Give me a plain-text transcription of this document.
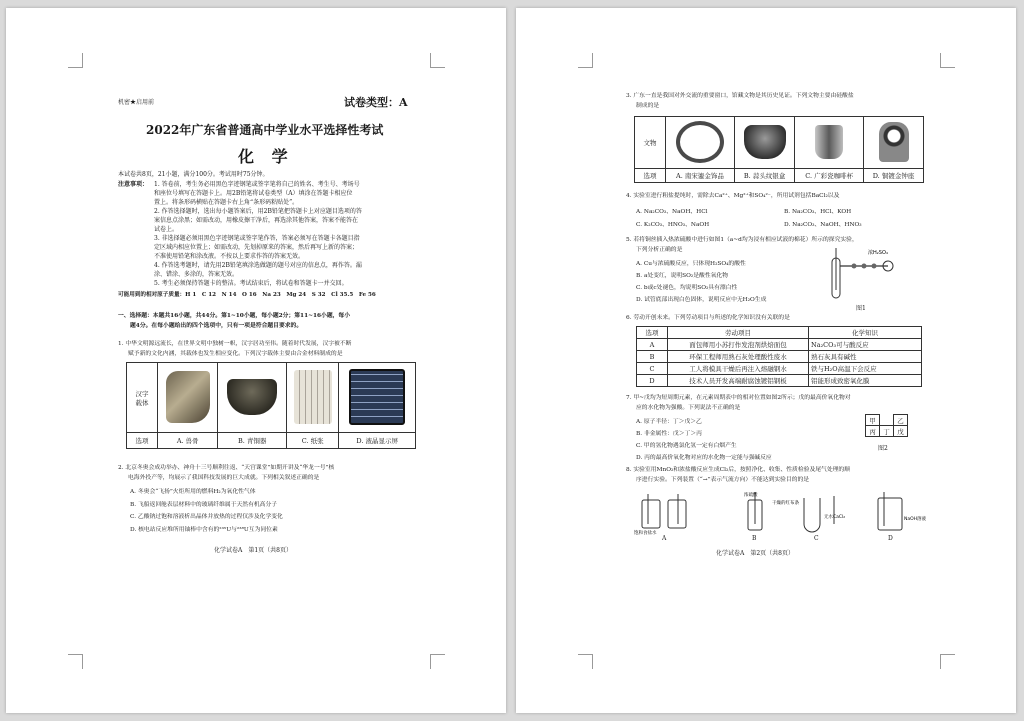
机密★启用前	试卷类型：A
2022年广东省普通高中学业水平选择性考试
化 学
本试卷共8页，21小题，满分100分。考试用时75分钟。
注意事项： 1. 答卷前，考生务必用黑色字迹钢笔或签字笔将自己的姓名、考生号、考场号
和座位号填写在答题卡上。用2B铅笔将试卷类型（A）填涂在答题卡相应位
置上。将条形码横贴在答题卡右上角“条形码粘贴处”。
2. 作答选择题时，选出每小题答案后，用2B铅笔把答题卡上对应题目选项的答
案信息点涂黑；如需改动，用橡皮擦干净后，再选涂其他答案，答案不能答在
试卷上。
3. 非选择题必须用黑色字迹钢笔或签字笔作答，答案必须写在答题卡各题目指
定区域内相应位置上；如需改动，先划掉原来的答案，然后再写上新的答案；
不准使用铅笔和涂改液。不按以上要求作答的答案无效。
4. 作答选考题时，请先用2B铅笔填涂选做题的题号对应的信息点，再作答。漏
涂、错涂、多涂的，答案无效。
5. 考生必须保持答题卡的整洁。考试结束后，将试卷和答题卡一并交回。
可能用到的相对原子质量：H 1　C 12　N 14　O 16　Na 23　Mg 24　S 32　Cl 35.5　Fe 56
一、选择题：本题共16小题，共44分。第1~10小题，每小题2分；第11~16小题，每小
题4分。在每小题给出的四个选项中，只有一项是符合题目要求的。
1. 中华文明源远流长，在世界文明中独树一帜，汉字居功至伟。随着时代发展，汉字被不断
赋予新的文化内涵，其载体也发生相应变化。下列汉字载体主要由合金材料制成的是
汉字
载体				

选项	A. 兽骨	B. 青铜器	C. 纸张	D. 液晶显示屏
2. 北京冬奥会成功举办、神舟十三号顺利往返、“天宫课堂”如期开讲及“华龙一号”核
电海外投产等，均展示了我国科技发展的巨大成就。下列相关叙述正确的是
A. 冬奥会“飞扬”火炬所用的燃料H₂为氧化性气体
B. 飞船返回舱表层材料中的玻璃纤维属于天然有机高分子
C. 乙酸钠过饱和溶液析出晶体并放热的过程仅涉及化学变化
D. 核电站反应堆所用铀棒中含有的²³⁵U与²³⁸U互为同位素
化学试卷A　第1页（共8页）
3. 广东一直是我国对外交流的重要窗口，馆藏文物是其历史见证。下列文物主要由硅酸盐
制成的是
文物				
选项	A. 南宋鎏金饰品	B. 蒜头纹银盒	C. 广彩瓷咖啡杯	D. 铜镀金钟座
4. 实验室进行粗盐提纯时，需除去Ca²⁺、Mg²⁺和SO₄²⁻，所用试剂包括BaCl₂以及
A. Na₂CO₃、NaOH、HCl	B. Na₂CO₃、HCl、KOH
C. K₂CO₃、HNO₃、NaOH	D. Na₂CO₃、NaOH、HNO₃
5. 若将铜丝插入热浓硫酸中进行如图1（a~d均为浸有相应试液的棉花）所示的探究实验，
下列分析正确的是
A. Cu与浓硫酸反应，只体现H₂SO₄的酸性
B. a处变红，说明SO₂是酸性氧化物
C. b或c处褪色，均说明SO₂具有漂白性
D. 试管底部出现白色固体，说明反应中无H₂O生成
浓H₂SO₄
图1
6. 劳动开创未来。下列劳动项目与所述的化学知识没有关联的是
选项	劳动项目	化学知识
A	面包师用小苏打作发泡剂烘焙面包	Na₂CO₃可与酸反应
B	环保工程师用熟石灰处理酸性废水	熟石灰具有碱性
C	工人将模具干燥后再注入熔融钢水	铁与H₂O高温下会反应
D	技术人员开发高端耐腐蚀镀铝钢板	铝能形成致密氧化膜
7. 甲~戊均为短周期元素，在元素周期表中的相对位置如图2所示；戊的最高价氧化物对
应的水化物为强酸。下列说法不正确的是
A. 原子半径：丁＞戊＞乙
B. 非金属性：戊＞丁＞丙
C. 甲的氢化物遇氯化氢一定有白烟产生
D. 丙的最高价氧化物对应的水化物一定能与强碱反应
	甲		乙
	丙	丁	戊
图2
8. 实验室用MnO₂和浓盐酸反应生成Cl₂后，按照净化、收集、性质检验及尾气处理的顺
序进行实验。下列装置（“→”表示气流方向）不能达到实验目的的是
饱和食盐水
浓硫酸
干燥的红布条
无水CaCl₂	NaOH溶液
A	B	C	D
化学试卷A　第2页（共8页）
